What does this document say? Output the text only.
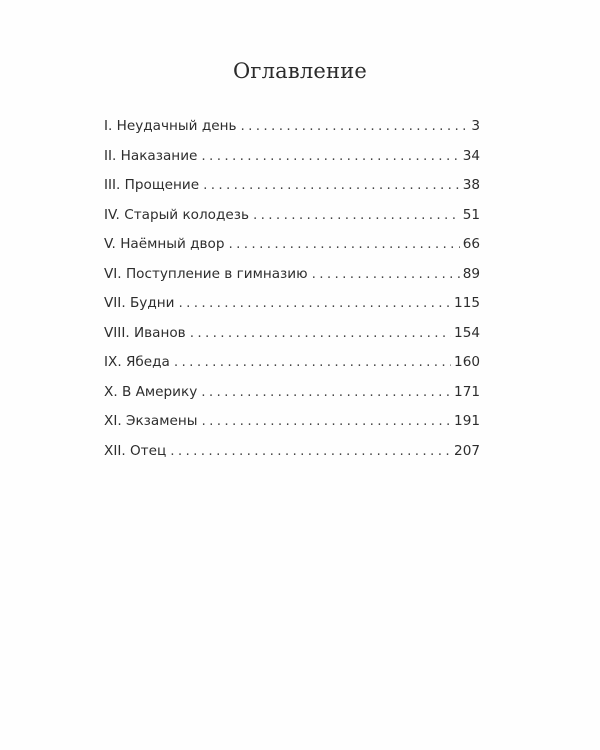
Оглавление
I. Неудачный день . . .	3
II. Наказание . . .	34
III. Прощение . . .	38
IV. Старый колодезь . . .	51
V. Наёмный двор . . .	66
VI. Поступление в гимназию . . .	89
VII. Будни . . .	115
VIII. Иванов . . .	154
IX. Ябеда . . .	160
X. В Америку . . .	171
XI. Экзамены . . .	191
XII. Отец . . .	207
